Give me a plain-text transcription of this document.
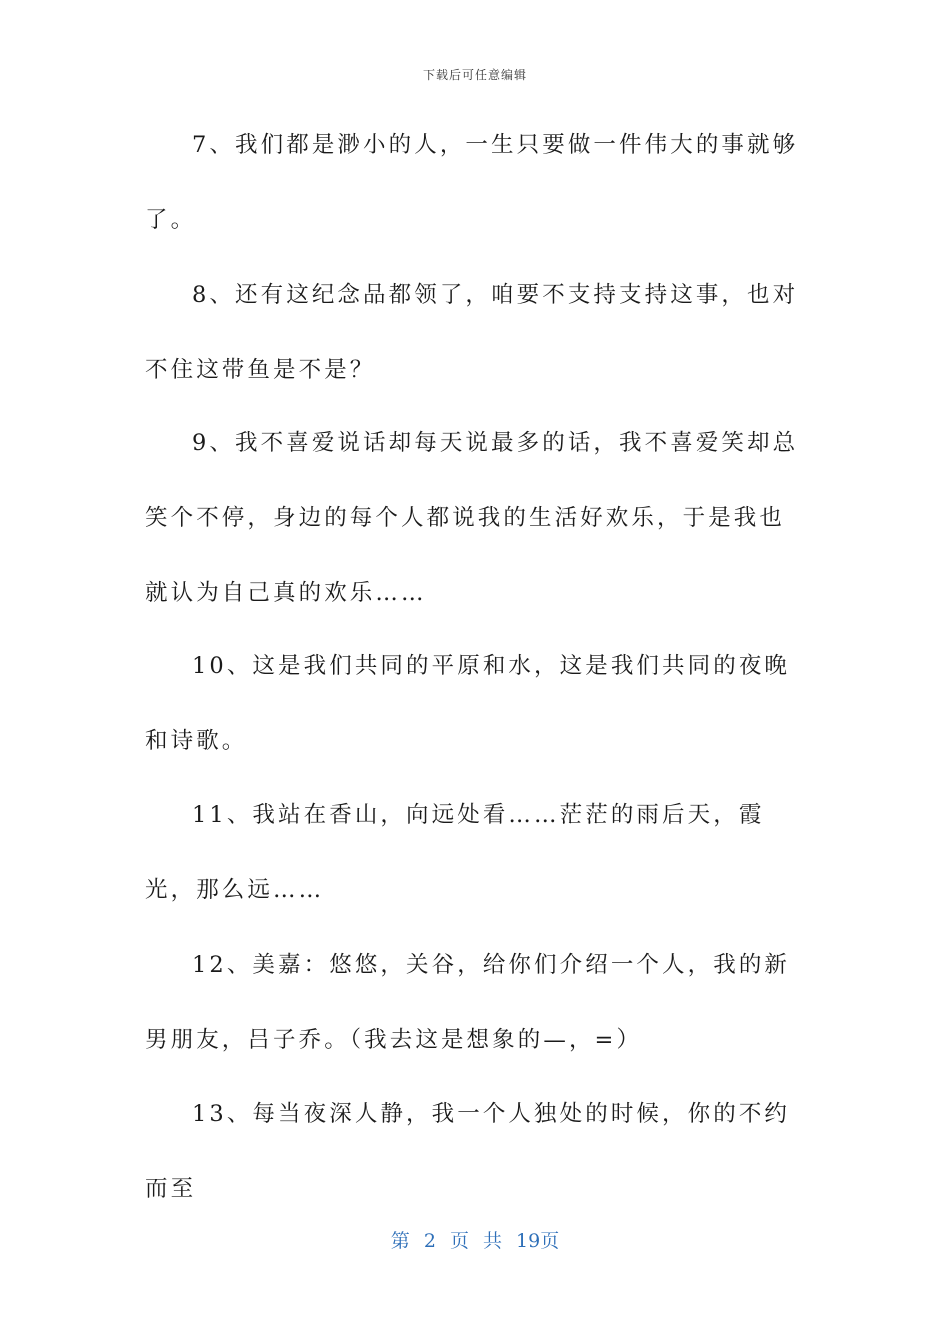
下载后可任意编辑

7、我们都是渺小的人，一生只要做一件伟大的事就够了。

8、还有这纪念品都领了，咱要不支持支持这事，也对不住这带鱼是不是？

9、我不喜爱说话却每天说最多的话，我不喜爱笑却总笑个不停，身边的每个人都说我的生活好欢乐，于是我也就认为自己真的欢乐……

10、这是我们共同的平原和水，这是我们共同的夜晚和诗歌。

11、我站在香山，向远处看……茫茫的雨后天，霞光，那么远……

12、美嘉：悠悠，关谷，给你们介绍一个人，我的新男朋友，吕子乔。（我去这是想象的—，=）

13、每当夜深人静，我一个人独处的时候，你的不约而至

第 2 页 共 19页
